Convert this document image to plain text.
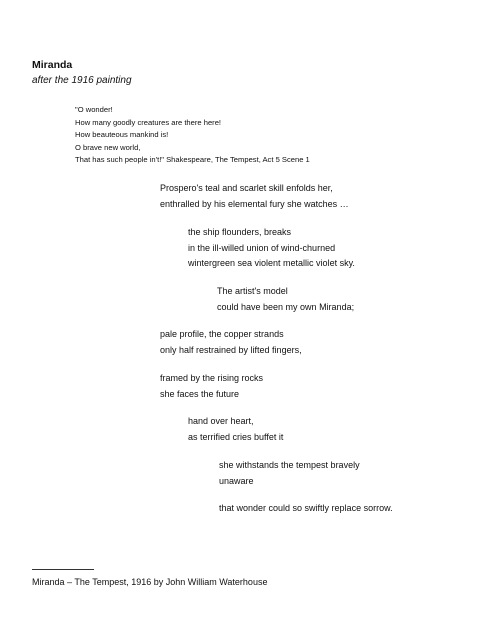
Miranda
after the 1916 painting
"O wonder!
How many goodly creatures are there here!
How beauteous mankind is!
O brave new world,
That has such people in't!" Shakespeare, The Tempest, Act 5 Scene 1
Prospero's teal and scarlet skill enfolds her,
enthralled by his elemental fury she watches …
the ship flounders, breaks
in the ill-willed union of wind-churned
wintergreen sea violent metallic violet sky.
The artist's model
could have been my own Miranda;
pale profile, the copper strands
only half restrained by lifted fingers,
framed by the rising rocks
she faces the future
hand over heart,
as terrified cries buffet it
she withstands the tempest bravely
unaware
that wonder could so swiftly replace sorrow.
Miranda – The Tempest, 1916 by John William Waterhouse
